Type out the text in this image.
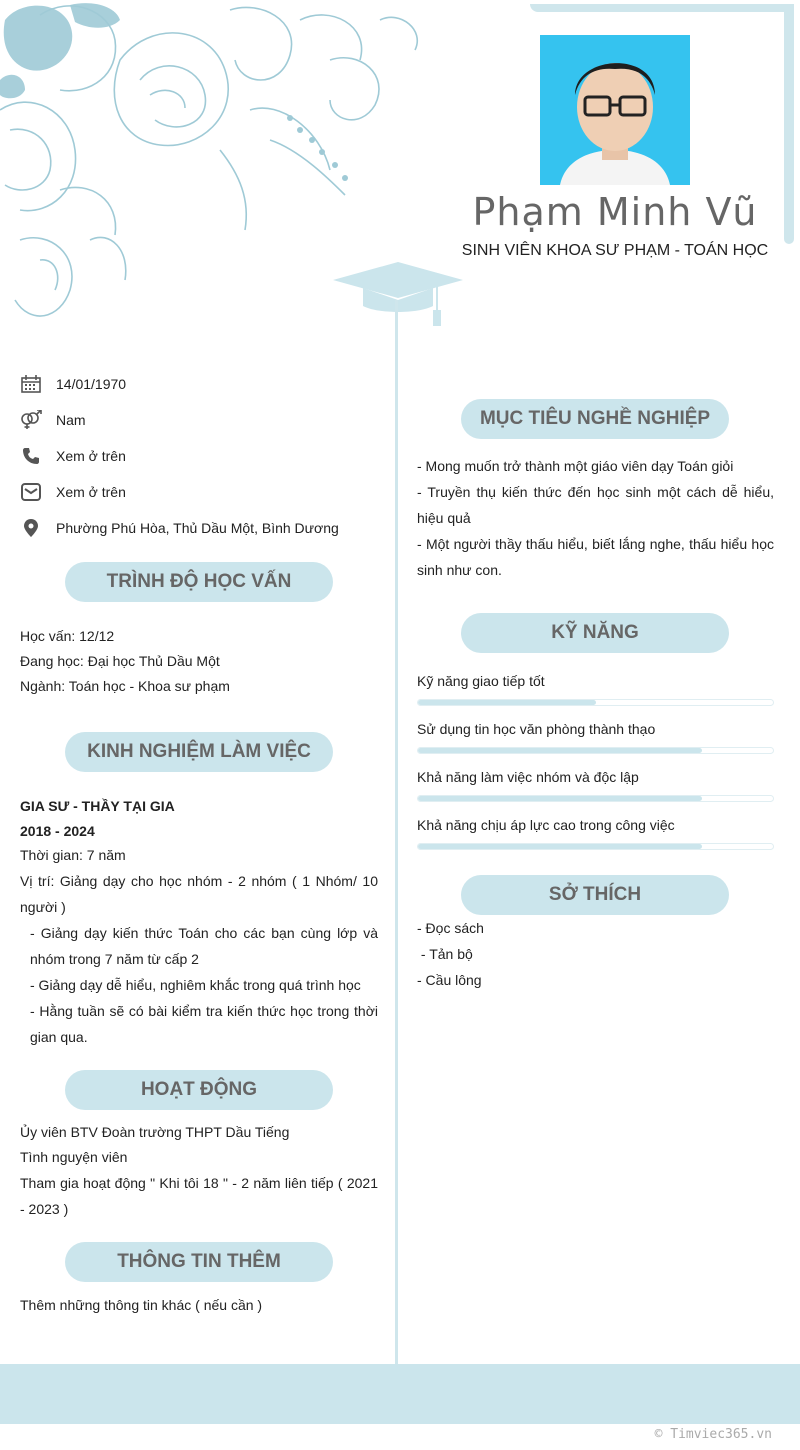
Phạm Minh Vũ
SINH VIÊN KHOA SƯ PHẠM - TOÁN HỌC
14/01/1970
Nam
Xem ở trên
Xem ở trên
Phường Phú Hòa, Thủ Dầu Một, Bình Dương
TRÌNH ĐỘ HỌC VẤN
Học vấn: 12/12
Đang học: Đại học Thủ Dầu Một
Ngành: Toán học - Khoa sư phạm
KINH NGHIỆM LÀM VIỆC
GIA SƯ - THẦY TẠI GIA
2018 - 2024
Thời gian: 7 năm
Vị trí: Giảng dạy cho học nhóm - 2 nhóm ( 1 Nhóm/ 10 người )
- Giảng dạy kiến thức Toán cho các bạn cùng lớp và nhóm trong 7 năm từ cấp 2
- Giảng dạy dễ hiểu, nghiêm khắc trong quá trình học
- Hằng tuần sẽ có bài kiểm tra kiến thức học trong thời gian qua.
HOẠT ĐỘNG
Ủy viên BTV Đoàn trường THPT Dầu Tiếng
Tình nguyện viên
Tham gia hoạt động " Khi tôi 18 " - 2 năm liên tiếp ( 2021 - 2023 )
THÔNG TIN THÊM
Thêm những thông tin khác ( nếu cần )
MỤC TIÊU NGHỀ NGHIỆP
- Mong muốn trở thành một giáo viên dạy Toán giỏi
- Truyền thụ kiến thức đến học sinh một cách dễ hiểu, hiệu quả
- Một người thầy thấu hiểu, biết lắng nghe, thấu hiểu học sinh như con.
KỸ NĂNG
Kỹ năng giao tiếp tốt
Sử dụng tin học văn phòng thành thạo
Khả năng làm việc nhóm và độc lập
Khả năng chịu áp lực cao trong công việc
SỞ THÍCH
- Đọc sách
- Tản bộ
- Cầu lông
© Timviec365.vn
